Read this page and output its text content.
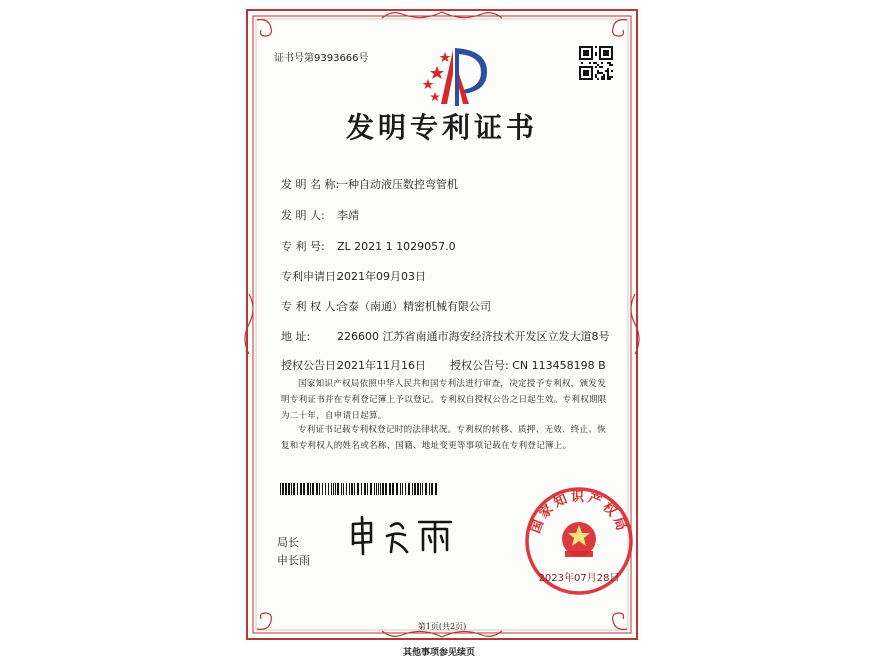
证书号第9393666号
发明专利证书
发 明 名 称:一种自动液压数控弯管机
发 明 人: 李靖
专 利 号: ZL 2021 1 1029057.0
专利申请日:2021年09月03日
专 利 权 人:合泰（南通）精密机械有限公司
地 址: 226600 江苏省南通市海安经济技术开发区立发大道8号
授权公告日:2021年11月16日 授权公告号: CN 113458198 B
国家知识产权局依照中华人民共和国专利法进行审查，决定授予专利权，颁发发明专利证书并在专利登记簿上予以登记。专利权自授权公告之日起生效。专利权期限为二十年，自申请日起算。
专利证书记载专利权登记时的法律状况。专利权的转移、质押、无效、终止、恢复和专利权人的姓名或名称、国籍、地址变更等事项记载在专利登记簿上。
局长
申长雨
国家知识产权局
2023年07月28日
第1页(共2页)
其他事项参见续页
